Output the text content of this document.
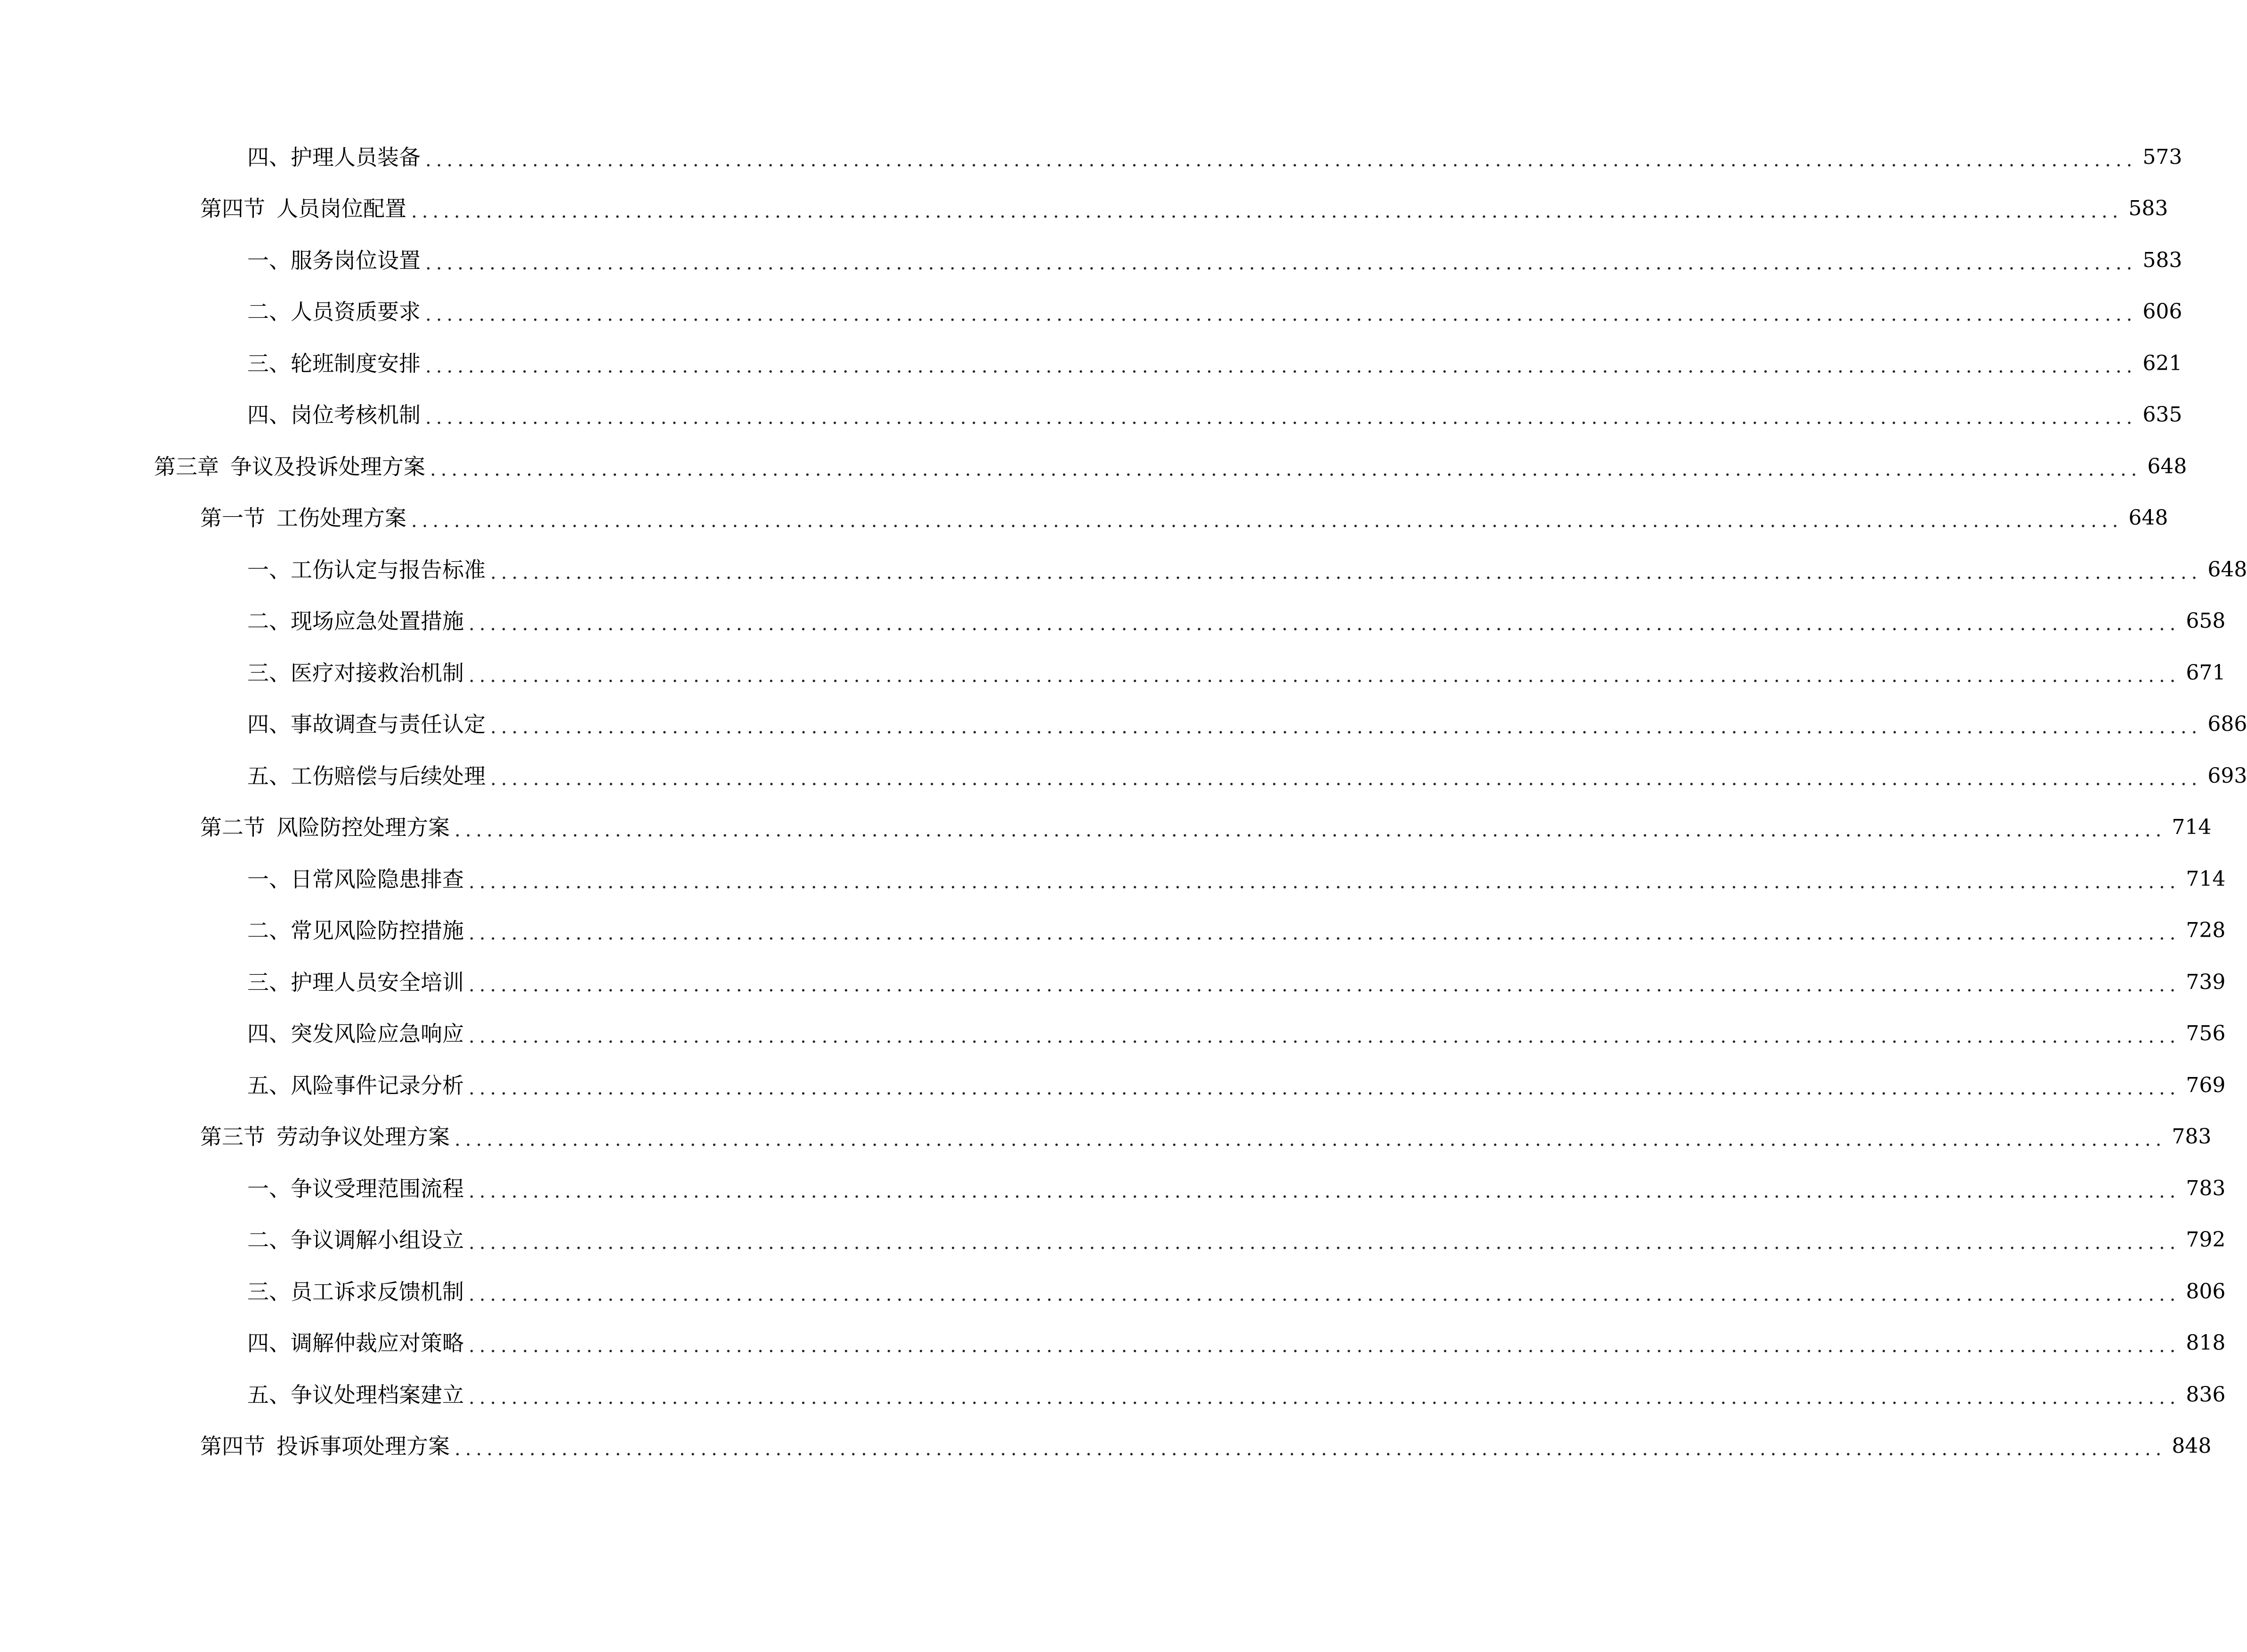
四、 护理人员装备 ................................................................................................................................................................ 573
第四节 人员岗位配置 ................................................................................................................................................................ 583
一、 服务岗位设置 ................................................................................................................................................................ 583
二、 人员资质要求 ................................................................................................................................................................ 606
三、 轮班制度安排 ................................................................................................................................................................ 621
四、 岗位考核机制 ................................................................................................................................................................ 635
第三章 争议及投诉处理方案 ................................................................................................................................................................ 648
第一节 工伤处理方案 ................................................................................................................................................................ 648
一、 工伤认定与报告标准 ................................................................................................................................................................ 648
二、 现场应急处置措施 ................................................................................................................................................................ 658
三、 医疗对接救治机制 ................................................................................................................................................................ 671
四、 事故调查与责任认定 ................................................................................................................................................................ 686
五、 工伤赔偿与后续处理 ................................................................................................................................................................ 693
第二节 风险防控处理方案 ................................................................................................................................................................ 714
一、 日常风险隐患排查 ................................................................................................................................................................ 714
二、 常见风险防控措施 ................................................................................................................................................................ 728
三、 护理人员安全培训 ................................................................................................................................................................ 739
四、 突发风险应急响应 ................................................................................................................................................................ 756
五、 风险事件记录分析 ................................................................................................................................................................ 769
第三节 劳动争议处理方案 ................................................................................................................................................................ 783
一、 争议受理范围流程 ................................................................................................................................................................ 783
二、 争议调解小组设立 ................................................................................................................................................................ 792
三、 员工诉求反馈机制 ................................................................................................................................................................ 806
四、 调解仲裁应对策略 ................................................................................................................................................................ 818
五、 争议处理档案建立 ................................................................................................................................................................ 836
第四节 投诉事项处理方案 ................................................................................................................................................................ 848
